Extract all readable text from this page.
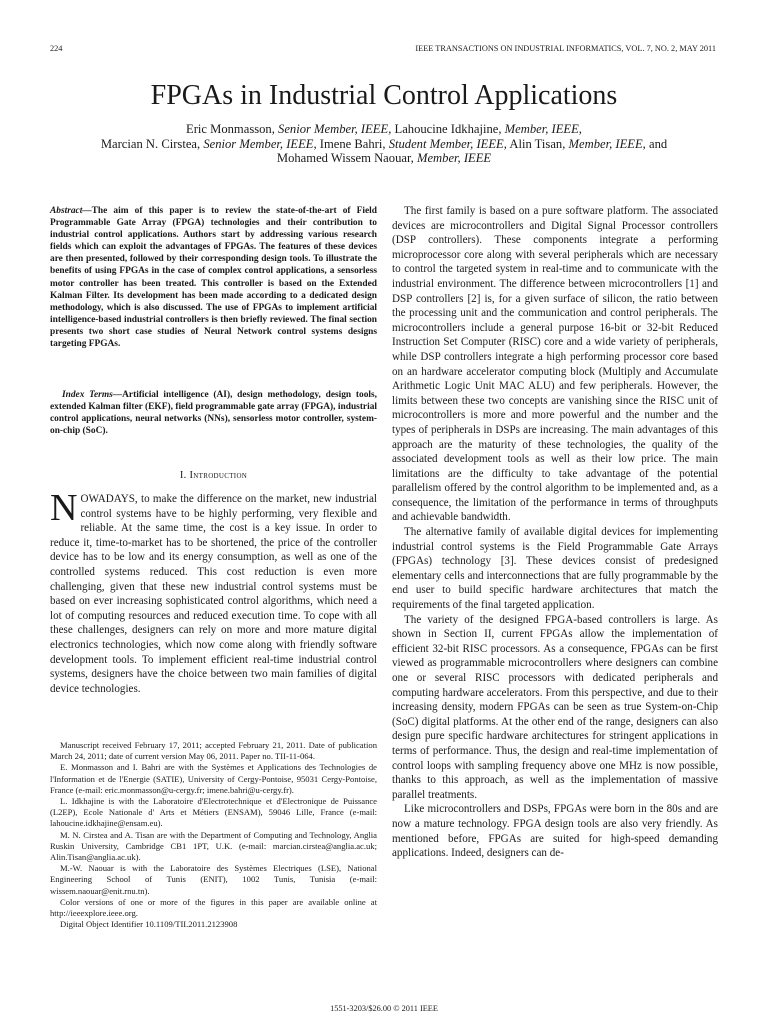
224	IEEE TRANSACTIONS ON INDUSTRIAL INFORMATICS, VOL. 7, NO. 2, MAY 2011
FPGAs in Industrial Control Applications
Eric Monmasson, Senior Member, IEEE, Lahoucine Idkhajine, Member, IEEE,
Marcian N. Cirstea, Senior Member, IEEE, Imene Bahri, Student Member, IEEE, Alin Tisan, Member, IEEE, and
Mohamed Wissem Naouar, Member, IEEE
Abstract—The aim of this paper is to review the state-of-the-art of Field Programmable Gate Array (FPGA) technologies and their contribution to industrial control applications. Authors start by addressing various research fields which can exploit the advantages of FPGAs. The features of these devices are then presented, followed by their corresponding design tools. To illustrate the benefits of using FPGAs in the case of complex control applications, a sensorless motor controller has been treated. This controller is based on the Extended Kalman Filter. Its development has been made according to a dedicated design methodology, which is also discussed. The use of FPGAs to implement artificial intelligence-based industrial controllers is then briefly reviewed. The final section presents two short case studies of Neural Network control systems designs targeting FPGAs.
Index Terms—Artificial intelligence (AI), design methodology, design tools, extended Kalman filter (EKF), field programmable gate array (FPGA), industrial control applications, neural networks (NNs), sensorless motor controller, system-on-chip (SoC).
I. Introduction

NOWADAYS, to make the difference on the market, new industrial control systems have to be highly performing, very flexible and reliable. At the same time, the cost is a key issue. In order to reduce it, time-to-market has to be shortened, the price of the controller device has to be low and its energy consumption, as well as one of the controlled systems reduced. This cost reduction is even more challenging, given that these new industrial control systems must be based on ever increasing sophisticated control algorithms, which need a lot of computing resources and reduced execution time. To cope with all these challenges, designers can rely on more and more mature digital electronics technologies, which now come along with friendly software development tools. To implement efficient real-time industrial control systems, designers have the choice between two main families of digital device technologies.

Manuscript received February 17, 2011; accepted February 21, 2011. Date of publication March 24, 2011; date of current version May 06, 2011. Paper no. TII-11-064.

E. Monmasson and I. Bahri are with the Systèmes et Applications des Technologies de l'Information et de l'Energie (SATIE), University of Cergy-Pontoise, 95031 Cergy-Pontoise, France (e-mail: eric.monmasson@u-cergy.fr; imene.bahri@u-cergy.fr).

L. Idkhajine is with the Laboratoire d'Electrotechnique et d'Electronique de Puissance (L2EP), Ecole Nationale d' Arts et Métiers (ENSAM), 59046 Lille, France (e-mail: lahoucine.idkhajine@ensam.eu).

M. N. Cirstea and A. Tisan are with the Department of Computing and Technology, Anglia Ruskin University, Cambridge CB1 1PT, U.K. (e-mail: marcian.cirstea@anglia.ac.uk; Alin.Tisan@anglia.ac.uk).

M.-W. Naouar is with the Laboratoire des Systèmes Electriques (LSE), National Engineering School of Tunis (ENIT), 1002 Tunis, Tunisia (e-mail: wissem.naouar@enit.rnu.tn).

Color versions of one or more of the figures in this paper are available online at http://ieeexplore.ieee.org.

Digital Object Identifier 10.1109/TII.2011.2123908

The first family is based on a pure software platform. The associated devices are microcontrollers and Digital Signal Processor controllers (DSP controllers). These components integrate a performing microprocessor core along with several peripherals which are necessary to control the targeted system in real-time and to communicate with the industrial environment. The difference between microcontrollers [1] and DSP controllers [2] is, for a given surface of silicon, the ratio between the processing unit and the communication and control peripherals. The microcontrollers include a general purpose 16-bit or 32-bit Reduced Instruction Set Computer (RISC) core and a wide variety of peripherals, while DSP controllers integrate a high performing processor core based on an hardware accelerator computing block (Multiply and Accumulate Arithmetic Logic Unit MAC ALU) and few peripherals. However, the limits between these two concepts are vanishing since the RISC unit of microcontrollers is more and more powerful and the number and the types of peripherals in DSPs are increasing. The main advantages of this approach are the maturity of these technologies, the quality of the associated development tools as well as their low price. The main limitations are the difficulty to take advantage of the potential parallelism offered by the control algorithm to be implemented and, as a consequence, the limitation of the performance in terms of throughputs and achievable bandwidth.

The alternative family of available digital devices for implementing industrial control systems is the Field Programmable Gate Arrays (FPGAs) technology [3]. These devices consist of predesigned elementary cells and interconnections that are fully programmable by the end user to build specific hardware architectures that match the requirements of the final targeted application.

The variety of the designed FPGA-based controllers is large. As shown in Section II, current FPGAs allow the implementation of efficient 32-bit RISC processors. As a consequence, FPGAs can be first viewed as programmable microcontrollers where designers can combine one or several RISC processors with dedicated peripherals and computing hardware accelerators. From this perspective, and due to their increasing density, modern FPGAs can be seen as true System-on-Chip (SoC) digital platforms. At the other end of the range, designers can also design pure specific hardware architectures for stringent applications in terms of performance. Thus, the design and real-time implementation of control loops with sampling frequency above one MHz is now possible, thanks to this approach, as well as the implementation of massive parallel treatments.

Like microcontrollers and DSPs, FPGAs were born in the 80s and are now a mature technology. FPGA design tools are also very friendly. As mentioned before, FPGAs are suited for high-speed demanding applications. Indeed, designers can de-

1551-3203/$26.00 © 2011 IEEE
